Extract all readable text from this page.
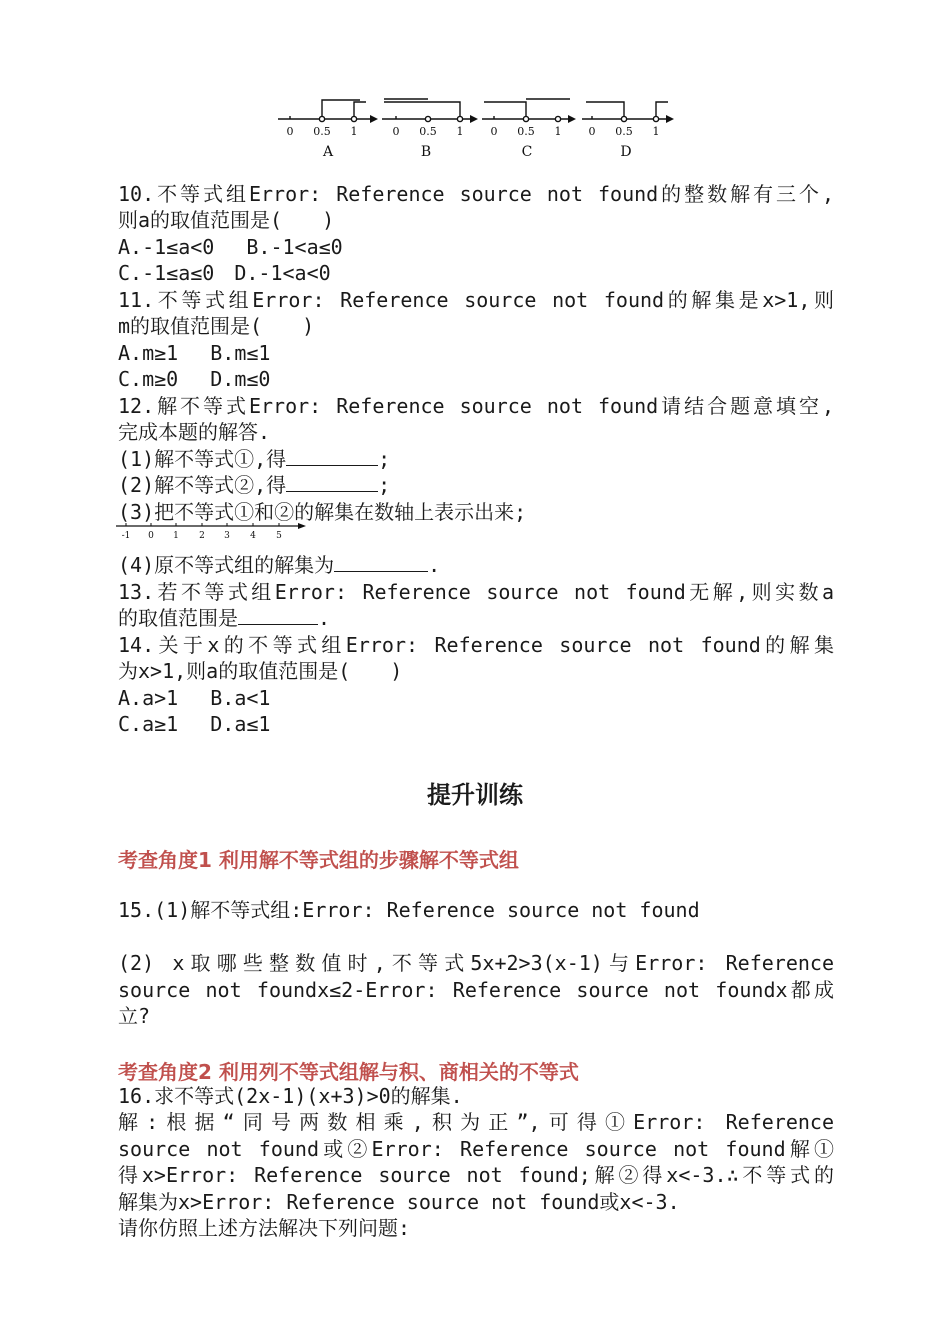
0 0.5 1	0 0.5 1 0 0.5 1 0 0.5 1
A	B	C	D
10.不等式组Error: Reference source not found的整数解有三个,
则a的取值范围是(　　)
A.-1≤a<0　 B.-1<a≤0
C.-1≤a≤0　D.-1<a<0
11.不等式组Error: Reference source not found的解集是x>1,则
m的取值范围是(　　)
A.m≥1　 B.m≤1
C.m≥0　 D.m≤0
12.解不等式Error: Reference source not found请结合题意填空,
完成本题的解答.
(1)解不等式①,得	;
(2)解不等式②,得	;
(3)把不等式①和②的解集在数轴上表示出来;
-1 0 1 2 3 4 5
(4)原不等式组的解集为	.
13.若不等式组Error: Reference source not found无解,则实数a
的取值范围是	.
14.关于x的不等式组Error: Reference source not found的解集
为x>1,则a的取值范围是(　　)
A.a>1　 B.a<1
C.a≥1　 D.a≤1
提升训练
考查角度1 利用解不等式组的步骤解不等式组
15.(1)解不等式组:Error: Reference source not found
(2) x取哪些整数值时,不等式5x+2>3(x-1)与Error: Reference
source not foundx≤2-Error: Reference source not foundx都成
立?
考查角度2 利用列不等式组解与积、商相关的不等式
16.求不等式(2x-1)(x+3)>0的解集.
解:根据“同号两数相乘,积为正”,可得①Error: Reference
source not found或②Error: Reference source not found解①
得x>Error: Reference source not found;解②得x<-3.∴不等式的
解集为x>Error: Reference source not found或x<-3.
请你仿照上述方法解决下列问题:
